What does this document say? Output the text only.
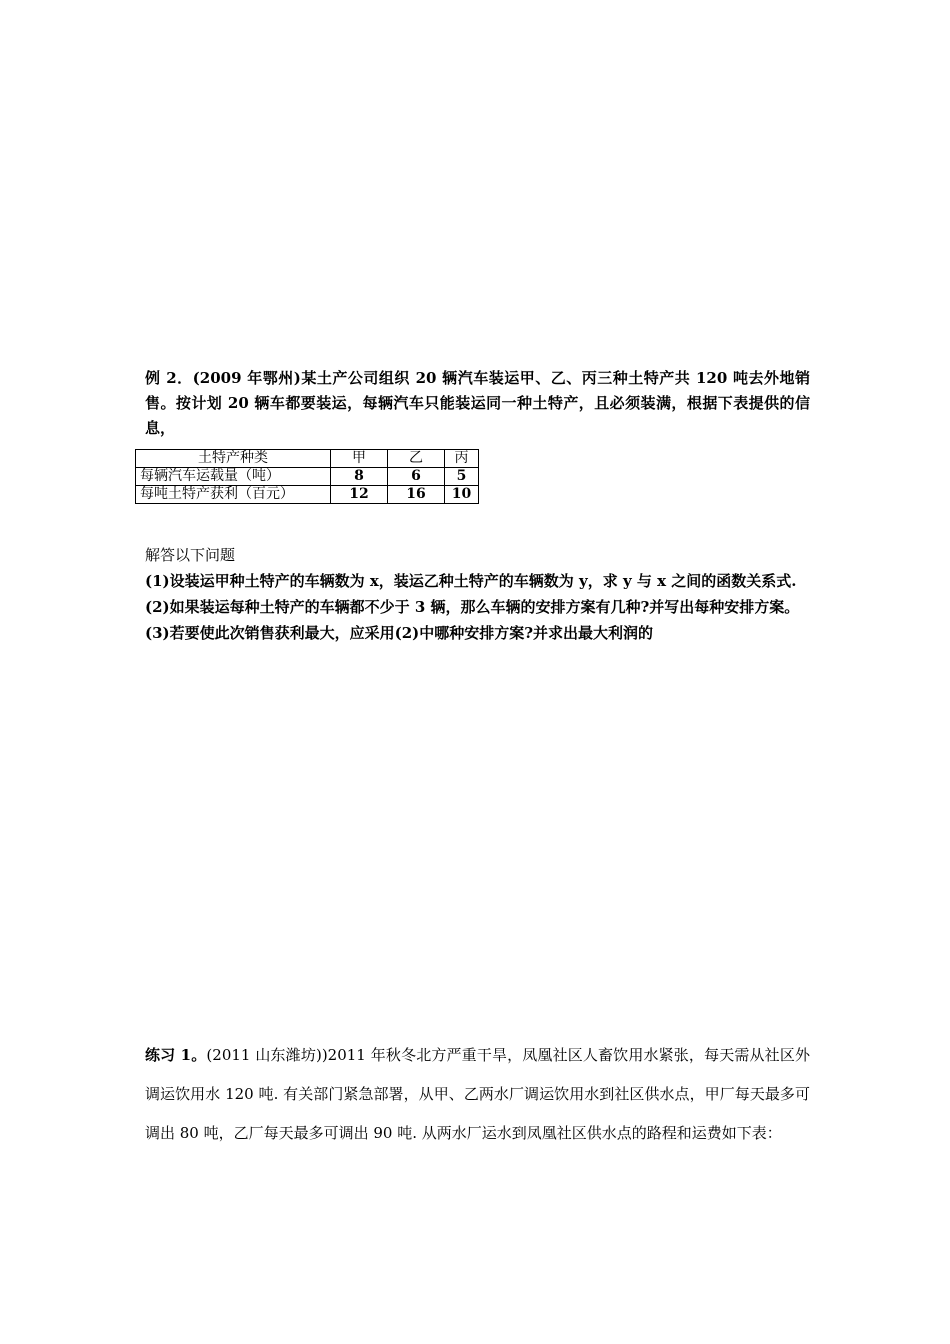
例 2．(2009 年鄂州)某土产公司组织 20 辆汽车装运甲、乙、丙三种土特产共 120 吨去外地销售。按计划 20 辆车都要装运，每辆汽车只能装运同一种土特产，且必须装满，根据下表提供的信息，

土特产种类	甲	乙	丙
每辆汽车运载量（吨）	8	6	5
每吨土特产获利（百元）	12	16	10

解答以下问题

(1)设装运甲种土特产的车辆数为 x，装运乙种土特产的车辆数为 y，求 y 与 x 之间的函数关系式.

(2)如果装运每种土特产的车辆都不少于 3 辆，那么车辆的安排方案有几种?并写出每种安排方案。

(3)若要使此次销售获利最大，应采用(2)中哪种安排方案?并求出最大利润的

练习 1。(2011 山东潍坊))2011 年秋冬北方严重干旱，凤凰社区人畜饮用水紧张，每天需从社区外调运饮用水 120 吨. 有关部门紧急部署，从甲、乙两水厂调运饮用水到社区供水点，甲厂每天最多可调出 80 吨，乙厂每天最多可调出 90 吨. 从两水厂运水到凤凰社区供水点的路程和运费如下表：
